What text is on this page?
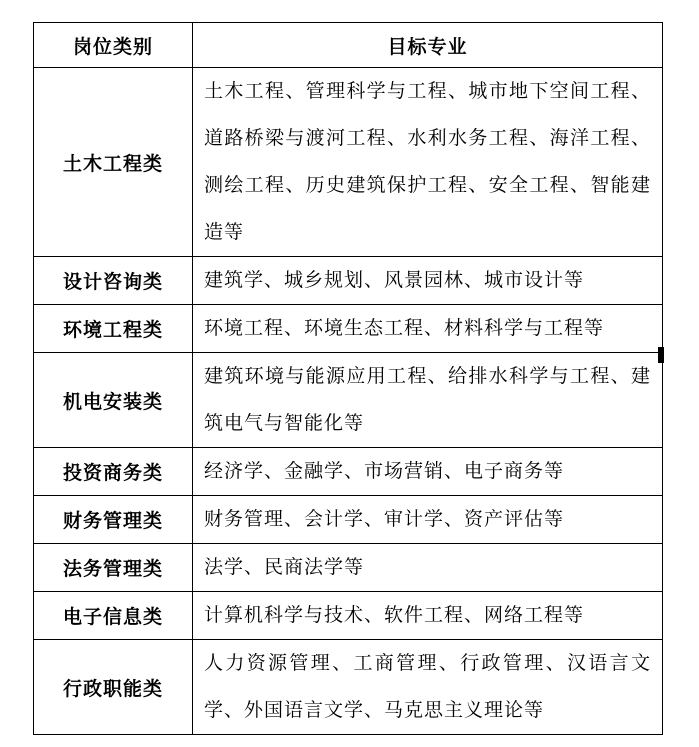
岗位类别	目标专业
土木工程类	土木工程、管理科学与工程、城市地下空间工程、道路桥梁与渡河工程、水利水务工程、海洋工程、测绘工程、历史建筑保护工程、安全工程、智能建造等
设计咨询类	建筑学、城乡规划、风景园林、城市设计等
环境工程类	环境工程、环境生态工程、材料科学与工程等
机电安装类	建筑环境与能源应用工程、给排水科学与工程、建筑电气与智能化等
投资商务类	经济学、金融学、市场营销、电子商务等
财务管理类	财务管理、会计学、审计学、资产评估等
法务管理类	法学、民商法学等
电子信息类	计算机科学与技术、软件工程、网络工程等
行政职能类	人力资源管理、工商管理、行政管理、汉语言文学、外国语言文学、马克思主义理论等
